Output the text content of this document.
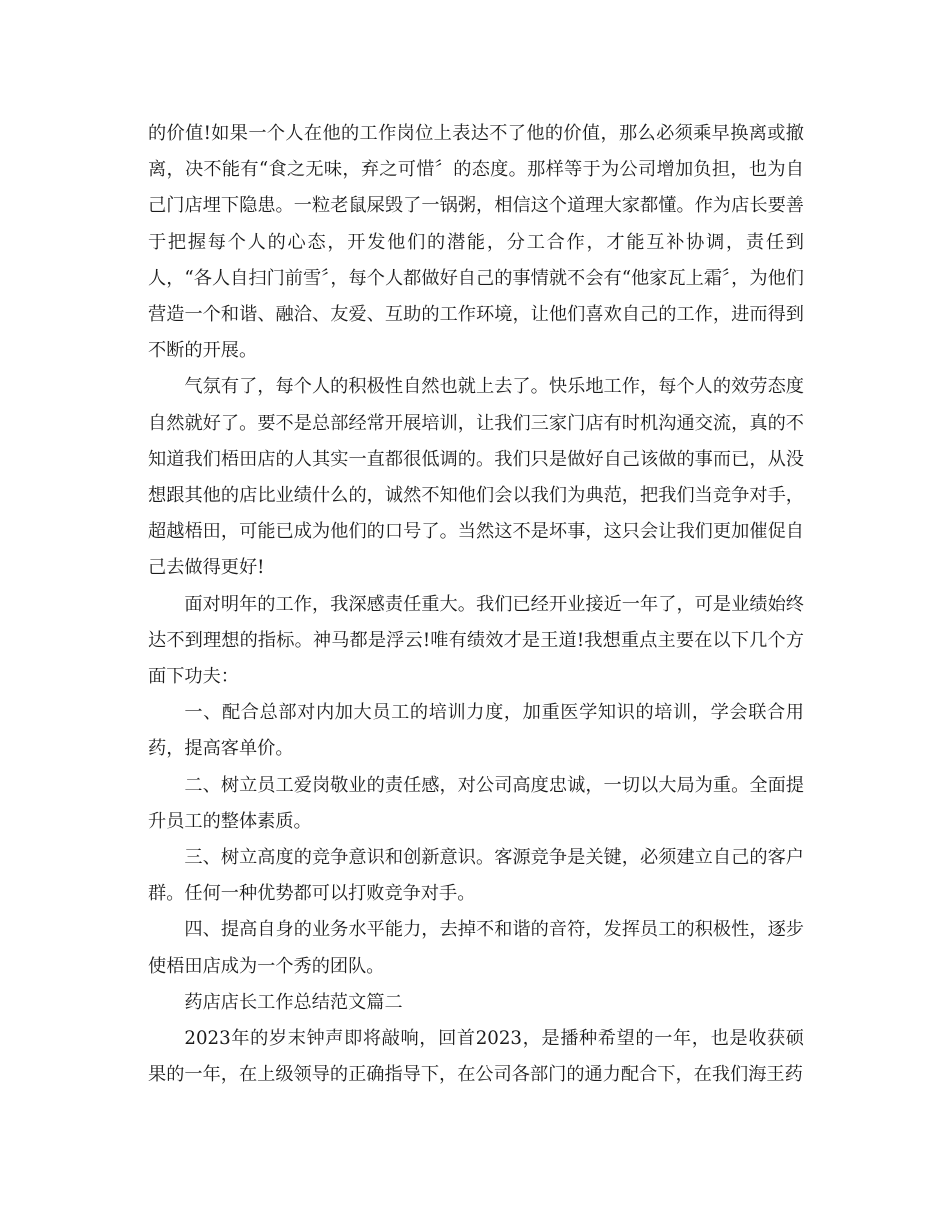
的价值!如果一个人在他的工作岗位上表达不了他的价值，那么必须乘早换离或撤离，决不能有“食之无味，弃之可惜〞的态度。那样等于为公司增加负担，也为自己门店埋下隐患。一粒老鼠屎毁了一锅粥，相信这个道理大家都懂。作为店长要善于把握每个人的心态，开发他们的潜能，分工合作，才能互补协调，责任到人，“各人自扫门前雪〞，每个人都做好自己的事情就不会有“他家瓦上霜〞，为他们营造一个和谐、融洽、友爱、互助的工作环境，让他们喜欢自己的工作，进而得到不断的开展。

气氛有了，每个人的积极性自然也就上去了。快乐地工作，每个人的效劳态度自然就好了。要不是总部经常开展培训，让我们三家门店有时机沟通交流，真的不知道我们梧田店的人其实一直都很低调的。我们只是做好自己该做的事而已，从没想跟其他的店比业绩什么的，诚然不知他们会以我们为典范，把我们当竞争对手，超越梧田，可能已成为他们的口号了。当然这不是坏事，这只会让我们更加催促自己去做得更好!

面对明年的工作，我深感责任重大。我们已经开业接近一年了，可是业绩始终达不到理想的指标。神马都是浮云!唯有绩效才是王道!我想重点主要在以下几个方面下功夫：

一、配合总部对内加大员工的培训力度，加重医学知识的培训，学会联合用药，提高客单价。

二、树立员工爱岗敬业的责任感，对公司高度忠诚，一切以大局为重。全面提升员工的整体素质。

三、树立高度的竞争意识和创新意识。客源竞争是关键，必须建立自己的客户群。任何一种优势都可以打败竞争对手。

四、提高自身的业务水平能力，去掉不和谐的音符，发挥员工的积极性，逐步使梧田店成为一个秀的团队。

药店店长工作总结范文篇二

2023年的岁末钟声即将敲响，回首2023，是播种希望的一年，也是收获硕果的一年，在上级领导的正确指导下，在公司各部门的通力配合下，在我们海王药
